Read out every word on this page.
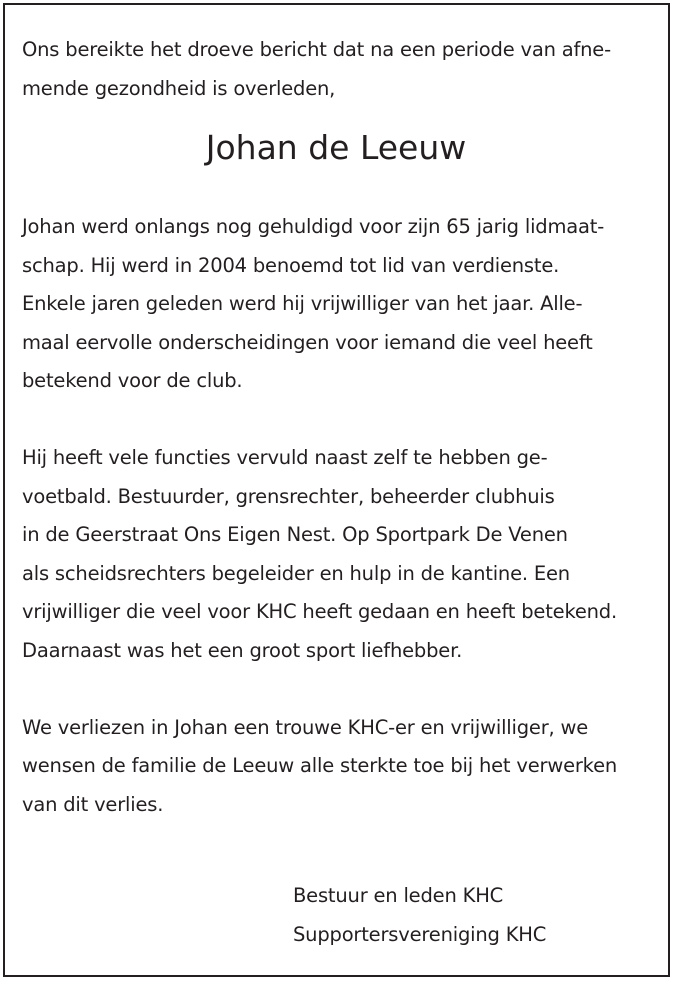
Ons bereikte het droeve bericht dat na een periode van afne-
mende gezondheid is overleden,
Johan de Leeuw
Johan werd onlangs nog gehuldigd voor zijn 65 jarig lidmaat-
schap. Hij werd in 2004 benoemd tot lid van verdienste.
Enkele jaren geleden werd hij vrijwilliger van het jaar. Alle-
maal eervolle onderscheidingen voor iemand die veel heeft
betekend voor de club.
Hij heeft vele functies vervuld naast zelf te hebben ge-
voetbald. Bestuurder, grensrechter, beheerder clubhuis
in de Geerstraat Ons Eigen Nest. Op Sportpark De Venen
als scheidsrechters begeleider en hulp in de kantine. Een
vrijwilliger die veel voor KHC heeft gedaan en heeft betekend.
Daarnaast was het een groot sport liefhebber.
We verliezen in Johan een trouwe KHC-er en vrijwilliger, we
wensen de familie de Leeuw alle sterkte toe bij het verwerken
van dit verlies.
Bestuur en leden KHC
Supportersvereniging KHC
